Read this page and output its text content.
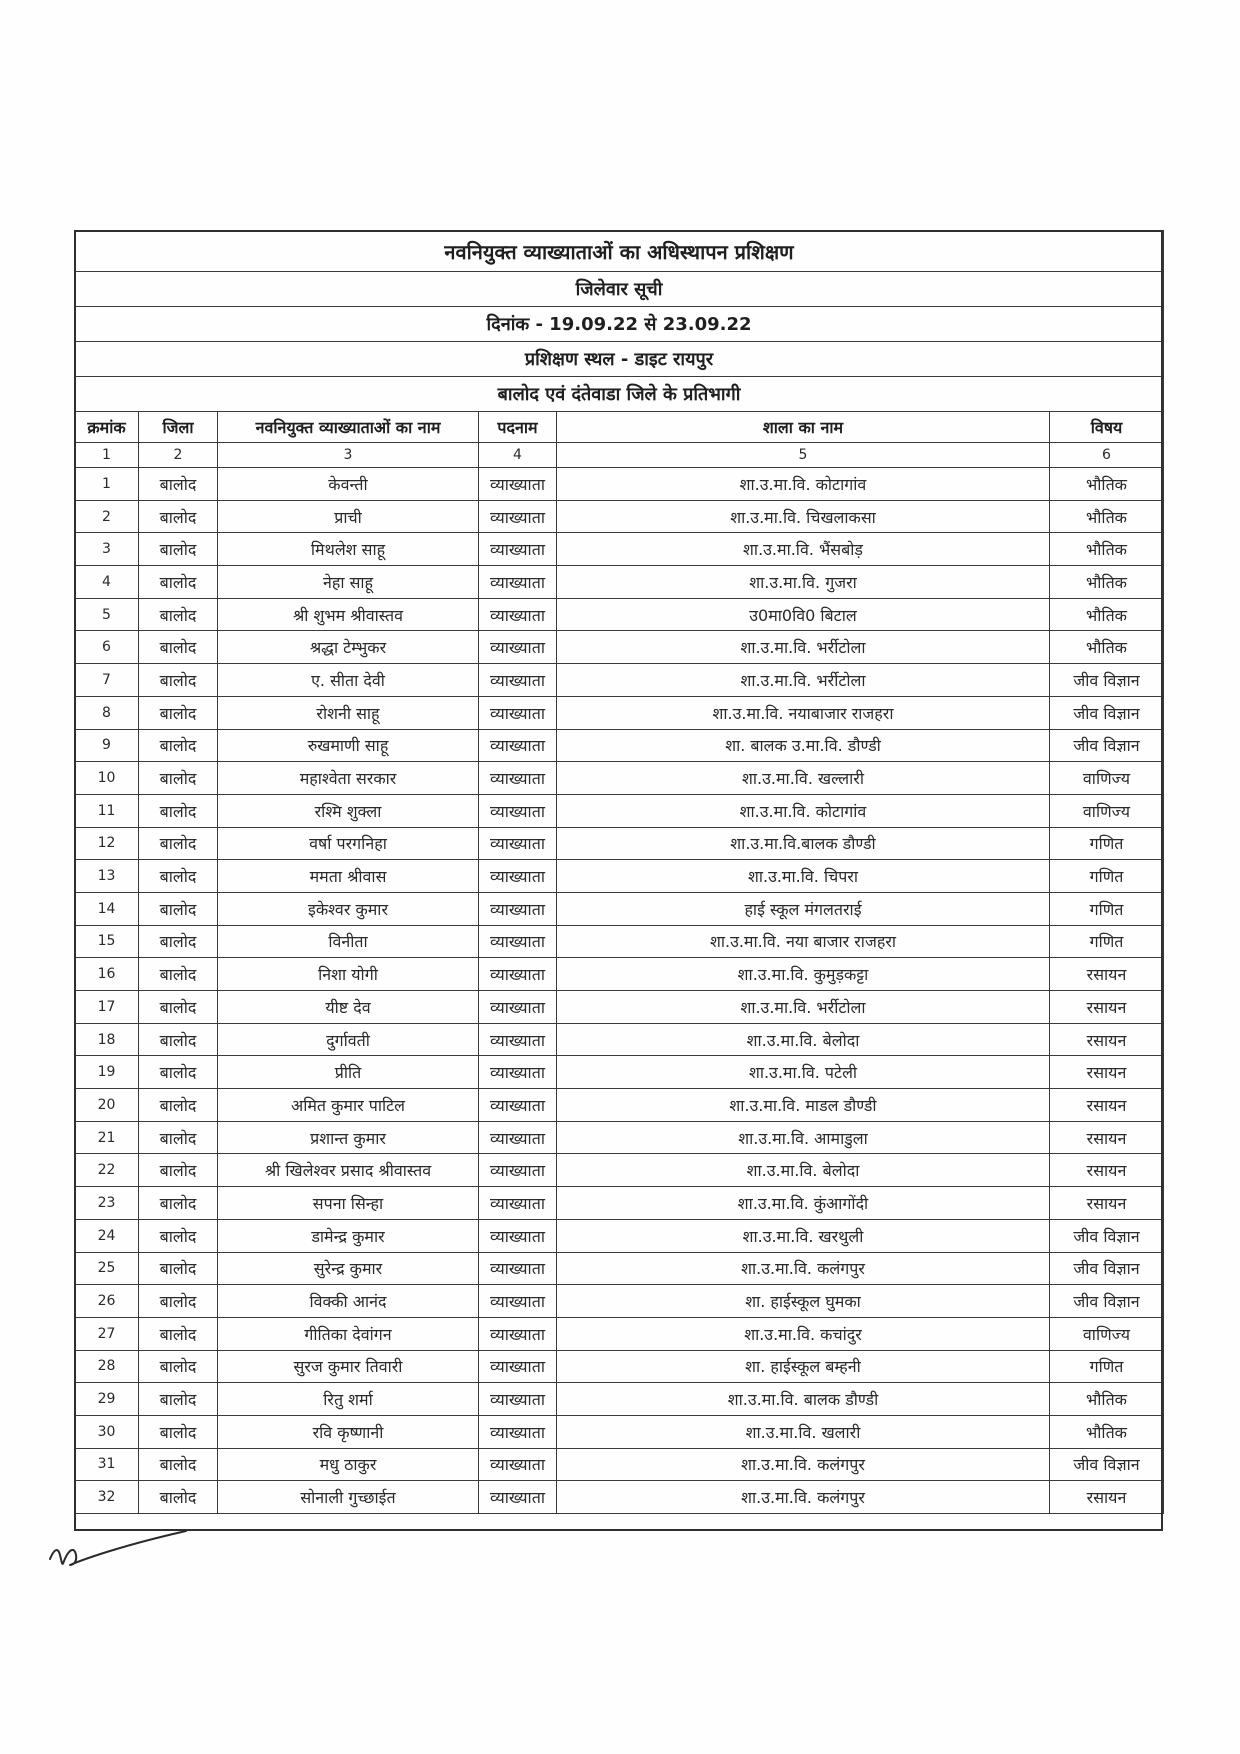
नवनियुक्त व्याख्याताओं का अधिस्थापन प्रशिक्षण					
जिलेवार सूची					
दिनांक - 19.09.22 से 23.09.22					
प्रशिक्षण स्थल - डाइट रायपुर					
बालोद एवं दंतेवाडा जिले के प्रतिभागी					
क्रमांक	जिला	नवनियुक्त व्याख्याताओं का नाम	पदनाम	शाला का नाम	विषय
1	2	3	4	5	6
1	बालोद	केवन्ती	व्याख्याता	शा.उ.मा.वि. कोटागांव	भौतिक
2	बालोद	प्राची	व्याख्याता	शा.उ.मा.वि. चिखलाकसा	भौतिक
3	बालोद	मिथलेश साहू	व्याख्याता	शा.उ.मा.वि. भैंसबोड़	भौतिक
4	बालोद	नेहा साहू	व्याख्याता	शा.उ.मा.वि. गुजरा	भौतिक
5	बालोद	श्री शुभम श्रीवास्तव	व्याख्याता	उ0मा0वि0 बिटाल	भौतिक
6	बालोद	श्रद्धा टेम्भुकर	व्याख्याता	शा.उ.मा.वि. भर्रीटोला	भौतिक
7	बालोद	ए. सीता देवी	व्याख्याता	शा.उ.मा.वि. भर्रीटोला	जीव विज्ञान
8	बालोद	रोशनी साहू	व्याख्याता	शा.उ.मा.वि. नयाबाजार राजहरा	जीव विज्ञान
9	बालोद	रुखमाणी साहू	व्याख्याता	शा. बालक उ.मा.वि. डौण्डी	जीव विज्ञान
10	बालोद	महाश्वेता सरकार	व्याख्याता	शा.उ.मा.वि. खल्लारी	वाणिज्य
11	बालोद	रश्मि शुक्ला	व्याख्याता	शा.उ.मा.वि. कोटागांव	वाणिज्य
12	बालोद	वर्षा परगनिहा	व्याख्याता	शा.उ.मा.वि.बालक डौण्डी	गणित
13	बालोद	ममता श्रीवास	व्याख्याता	शा.उ.मा.वि. चिपरा	गणित
14	बालोद	इकेश्वर कुमार	व्याख्याता	हाई स्कूल मंगलतराई	गणित
15	बालोद	विनीता	व्याख्याता	शा.उ.मा.वि. नया बाजार राजहरा	गणित
16	बालोद	निशा योगी	व्याख्याता	शा.उ.मा.वि. कुमुड़कट्टा	रसायन
17	बालोद	यीष्ट देव	व्याख्याता	शा.उ.मा.वि. भर्रीटोला	रसायन
18	बालोद	दुर्गावती	व्याख्याता	शा.उ.मा.वि. बेलोदा	रसायन
19	बालोद	प्रीति	व्याख्याता	शा.उ.मा.वि. पटेली	रसायन
20	बालोद	अमित कुमार पाटिल	व्याख्याता	शा.उ.मा.वि. माडल डौण्डी	रसायन
21	बालोद	प्रशान्त कुमार	व्याख्याता	शा.उ.मा.वि. आमाडुला	रसायन
22	बालोद	श्री खिलेश्वर प्रसाद श्रीवास्तव	व्याख्याता	शा.उ.मा.वि. बेलोदा	रसायन
23	बालोद	सपना सिन्हा	व्याख्याता	शा.उ.मा.वि. कुंआगोंदी	रसायन
24	बालोद	डामेन्द्र कुमार	व्याख्याता	शा.उ.मा.वि. खरथुली	जीव विज्ञान
25	बालोद	सुरेन्द्र कुमार	व्याख्याता	शा.उ.मा.वि. कलंगपुर	जीव विज्ञान
26	बालोद	विक्की आनंद	व्याख्याता	शा. हाईस्कूल घुमका	जीव विज्ञान
27	बालोद	गीतिका देवांगन	व्याख्याता	शा.उ.मा.वि. कचांदुर	वाणिज्य
28	बालोद	सुरज कुमार तिवारी	व्याख्याता	शा. हाईस्कूल बम्हनी	गणित
29	बालोद	रितु शर्मा	व्याख्याता	शा.उ.मा.वि. बालक डौण्डी	भौतिक
30	बालोद	रवि कृष्णानी	व्याख्याता	शा.उ.मा.वि. खलारी	भौतिक
31	बालोद	मधु ठाकुर	व्याख्याता	शा.उ.मा.वि. कलंगपुर	जीव विज्ञान
32	बालोद	सोनाली गुच्छाईत	व्याख्याता	शा.उ.मा.वि. कलंगपुर	रसायन
